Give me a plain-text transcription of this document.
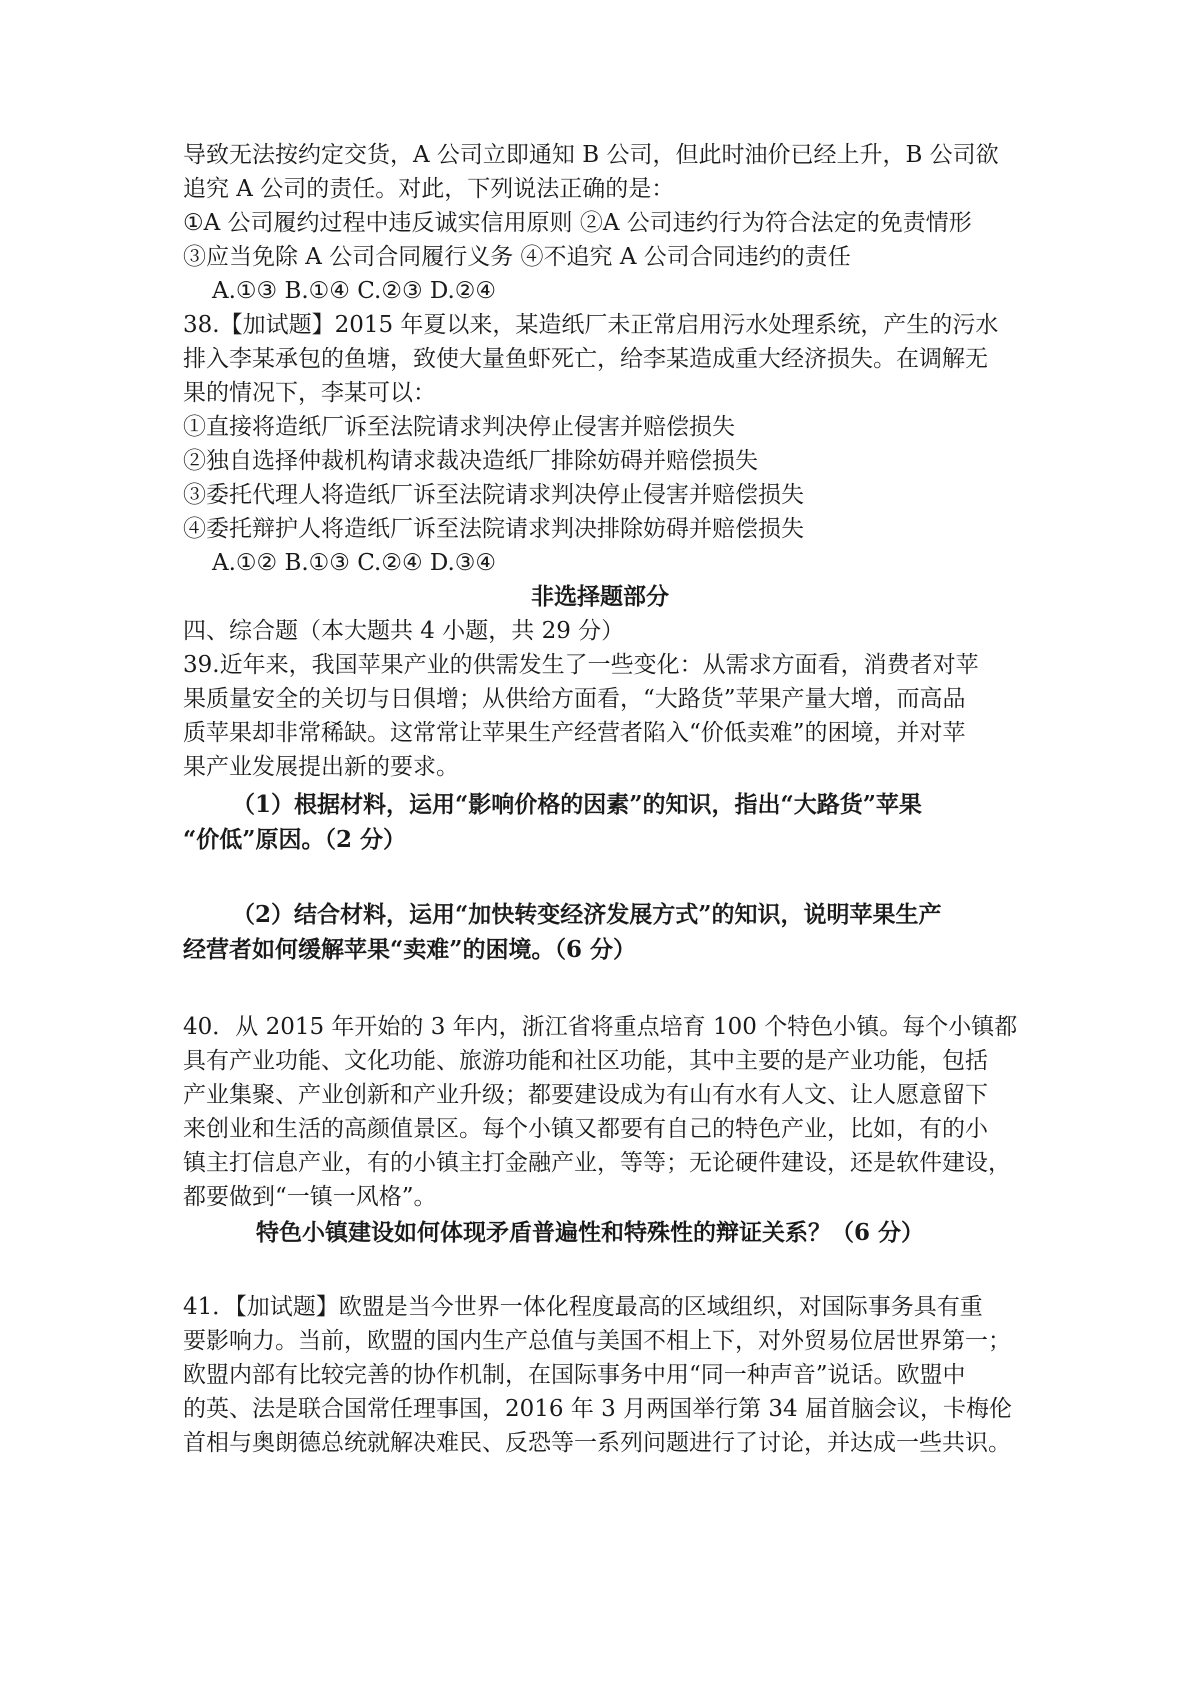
导致无法按约定交货，A 公司立即通知 B 公司，但此时油价已经上升，B 公司欲
追究 A 公司的责任。对此，下列说法正确的是：
①A 公司履约过程中违反诚实信用原则 ②A 公司违约行为符合法定的免责情形
③应当免除 A 公司合同履行义务 ④不追究 A 公司合同违约的责任
A.①③ B.①④ C.②③ D.②④
38.【加试题】2015 年夏以来，某造纸厂未正常启用污水处理系统，产生的污水
排入李某承包的鱼塘，致使大量鱼虾死亡，给李某造成重大经济损失。在调解无
果的情况下，李某可以：
①直接将造纸厂诉至法院请求判决停止侵害并赔偿损失
②独自选择仲裁机构请求裁决造纸厂排除妨碍并赔偿损失
③委托代理人将造纸厂诉至法院请求判决停止侵害并赔偿损失
④委托辩护人将造纸厂诉至法院请求判决排除妨碍并赔偿损失
A.①② B.①③ C.②④ D.③④
非选择题部分
四、综合题（本大题共 4 小题，共 29 分）
39.近年来，我国苹果产业的供需发生了一些变化：从需求方面看，消费者对苹
果质量安全的关切与日俱增；从供给方面看，“大路货”苹果产量大增，而高品
质苹果却非常稀缺。这常常让苹果生产经营者陷入“价低卖难”的困境，并对苹
果产业发展提出新的要求。
（1）根据材料，运用“影响价格的因素”的知识，指出“大路货”苹果
“价低”原因。（2 分）
（2）结合材料，运用“加快转变经济发展方式”的知识，说明苹果生产
经营者如何缓解苹果“卖难”的困境。（6 分）
40．从 2015 年开始的 3 年内，浙江省将重点培育 100 个特色小镇。每个小镇都
具有产业功能、文化功能、旅游功能和社区功能，其中主要的是产业功能，包括
产业集聚、产业创新和产业升级；都要建设成为有山有水有人文、让人愿意留下
来创业和生活的高颜值景区。每个小镇又都要有自己的特色产业，比如，有的小
镇主打信息产业，有的小镇主打金融产业，等等；无论硬件建设，还是软件建设，
都要做到“一镇一风格”。
特色小镇建设如何体现矛盾普遍性和特殊性的辩证关系？（6 分）
41．【加试题】欧盟是当今世界一体化程度最高的区域组织，对国际事务具有重
要影响力。当前，欧盟的国内生产总值与美国不相上下，对外贸易位居世界第一；
欧盟内部有比较完善的协作机制，在国际事务中用“同一种声音”说话。欧盟中
的英、法是联合国常任理事国，2016 年 3 月两国举行第 34 届首脑会议，卡梅伦
首相与奥朗德总统就解决难民、反恐等一系列问题进行了讨论，并达成一些共识。
